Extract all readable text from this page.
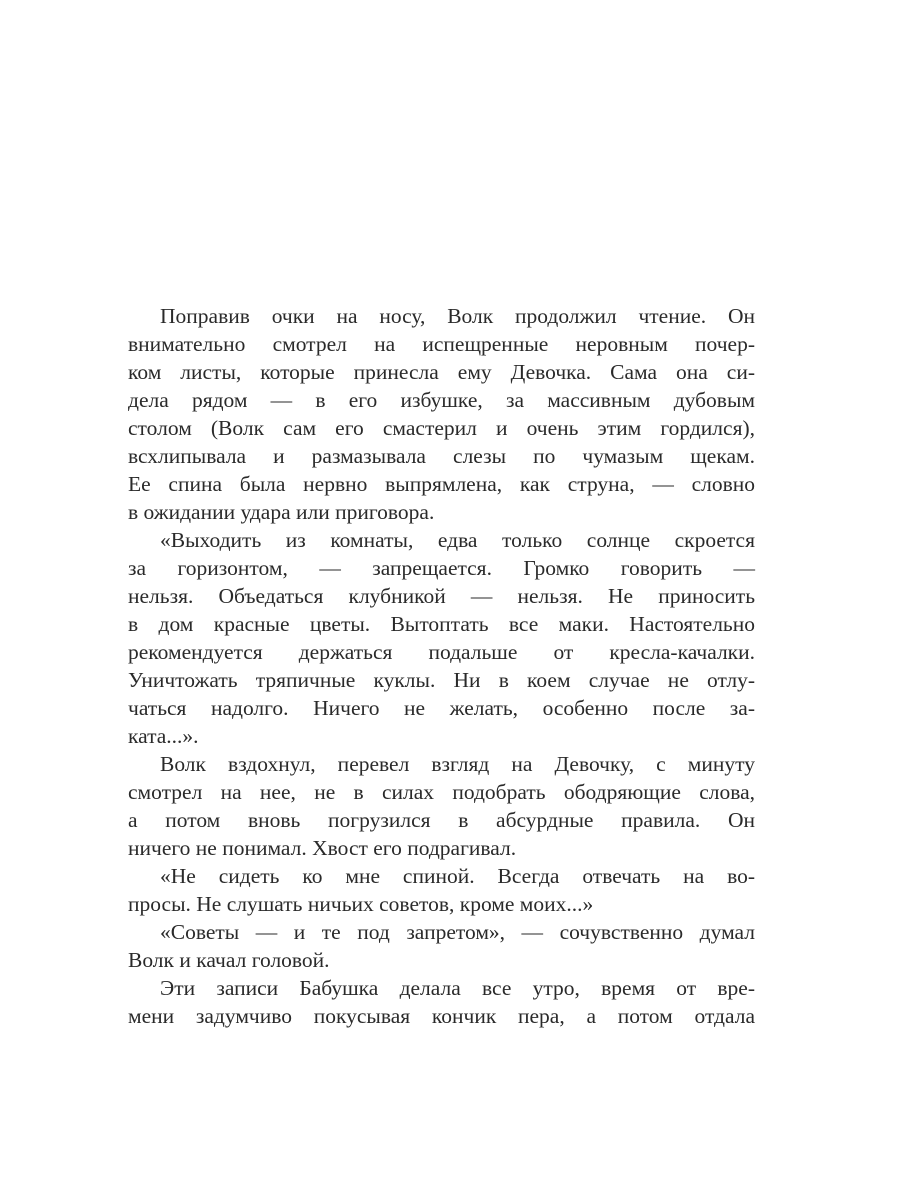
Поправив очки на носу, Волк продолжил чтение. Он
внимательно смотрел на испещренные неровным почер-
ком листы, которые принесла ему Девочка. Сама она си-
дела рядом — в его избушке, за массивным дубовым
столом (Волк сам его смастерил и очень этим гордился),
всхлипывала и размазывала слезы по чумазым щекам.
Ее спина была нервно выпрямлена, как струна, — словно
в ожидании удара или приговора.
«Выходить из комнаты, едва только солнце скроется
за горизонтом, — запрещается. Громко говорить —
нельзя. Объедаться клубникой — нельзя. Не приносить
в дом красные цветы. Вытоптать все маки. Настоятельно
рекомендуется держаться подальше от кресла-качалки.
Уничтожать тряпичные куклы. Ни в коем случае не отлу-
чаться надолго. Ничего не желать, особенно после за-
ката...».
Волк вздохнул, перевел взгляд на Девочку, с минуту
смотрел на нее, не в силах подобрать ободряющие слова,
а потом вновь погрузился в абсурдные правила. Он
ничего не понимал. Хвост его подрагивал.
«Не сидеть ко мне спиной. Всегда отвечать на во-
просы. Не слушать ничьих советов, кроме моих...»
«Советы — и те под запретом», — сочувственно думал
Волк и качал головой.
Эти записи Бабушка делала все утро, время от вре-
мени задумчиво покусывая кончик пера, а потом отдала
